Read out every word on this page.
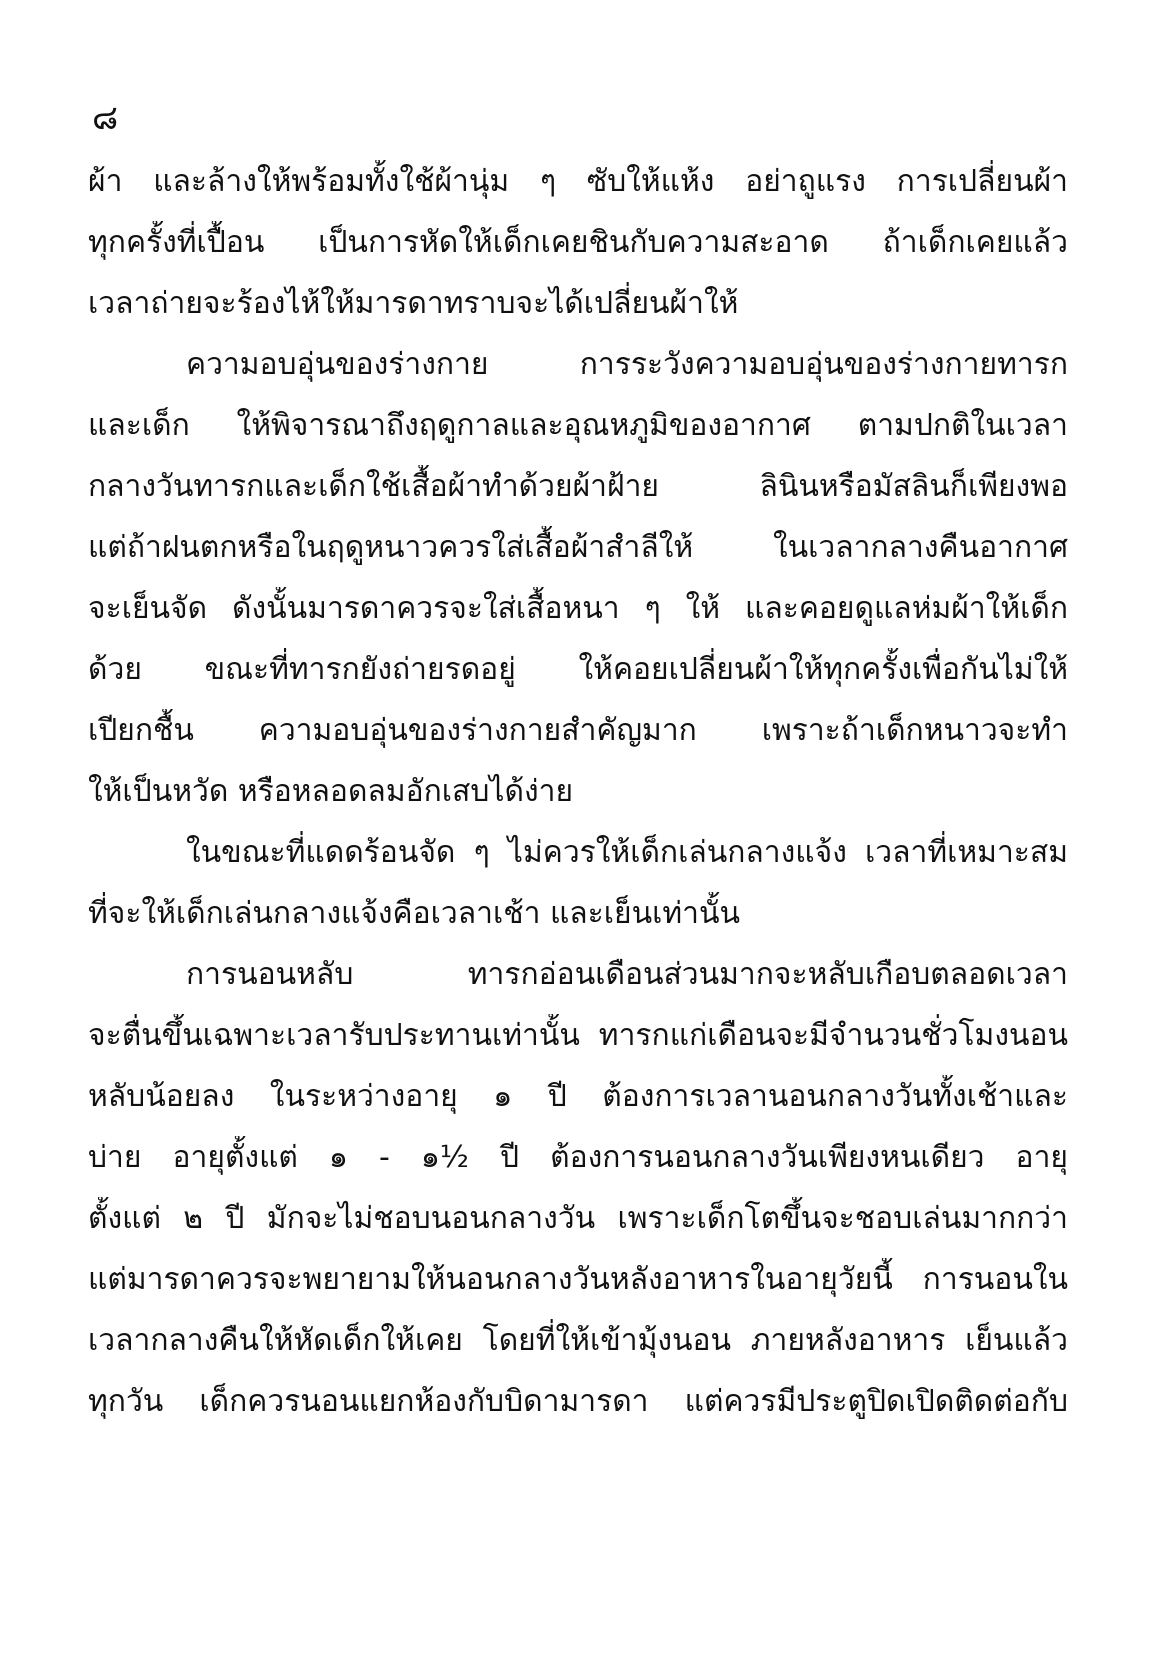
๘
ผ้า และล้างให้พร้อมทั้งใช้ผ้านุ่ม ๆ ซับให้แห้ง อย่าถูแรง การเปลี่ยนผ้า
ทุกครั้งที่เปื้อน เป็นการหัดให้เด็กเคยชินกับความสะอาด ถ้าเด็กเคยแล้ว
เวลาถ่ายจะร้องไห้ให้มารดาทราบจะได้เปลี่ยนผ้าให้
ความอบอุ่นของร่างกาย การระวังความอบอุ่นของร่างกายทารก
และเด็ก ให้พิจารณาถึงฤดูกาลและอุณหภูมิของอากาศ ตามปกติในเวลา
กลางวันทารกและเด็กใช้เสื้อผ้าทำด้วยผ้าฝ้าย ลินินหรือมัสลินก็เพียงพอ
แต่ถ้าฝนตกหรือในฤดูหนาวควรใส่เสื้อผ้าสำลีให้ ในเวลากลางคืนอากาศ
จะเย็นจัด ดังนั้นมารดาควรจะใส่เสื้อหนา ๆ ให้ และคอยดูแลห่มผ้าให้เด็ก
ด้วย ขณะที่ทารกยังถ่ายรดอยู่ ให้คอยเปลี่ยนผ้าให้ทุกครั้งเพื่อกันไม่ให้
เปียกชื้น ความอบอุ่นของร่างกายสำคัญมาก เพราะถ้าเด็กหนาวจะทำ
ให้เป็นหวัด หรือหลอดลมอักเสบได้ง่าย
ในขณะที่แดดร้อนจัด ๆ ไม่ควรให้เด็กเล่นกลางแจ้ง เวลาที่เหมาะสม
ที่จะให้เด็กเล่นกลางแจ้งคือเวลาเช้า และเย็นเท่านั้น
การนอนหลับ ทารกอ่อนเดือนส่วนมากจะหลับเกือบตลอดเวลา
จะตื่นขึ้นเฉพาะเวลารับประทานเท่านั้น ทารกแก่เดือนจะมีจำนวนชั่วโมงนอน
หลับน้อยลง ในระหว่างอายุ ๑ ปี ต้องการเวลานอนกลางวันทั้งเช้าและ
บ่าย อายุตั้งแต่ ๑ - ๑½ ปี ต้องการนอนกลางวันเพียงหนเดียว อายุ
ตั้งแต่ ๒ ปี มักจะไม่ชอบนอนกลางวัน เพราะเด็กโตขึ้นจะชอบเล่นมากกว่า
แต่มารดาควรจะพยายามให้นอนกลางวันหลังอาหารในอายุวัยนี้ การนอนใน
เวลากลางคืนให้หัดเด็กให้เคย โดยที่ให้เข้ามุ้งนอน ภายหลังอาหาร เย็นแล้ว
ทุกวัน เด็กควรนอนแยกห้องกับบิดามารดา แต่ควรมีประตูปิดเปิดติดต่อกับ
